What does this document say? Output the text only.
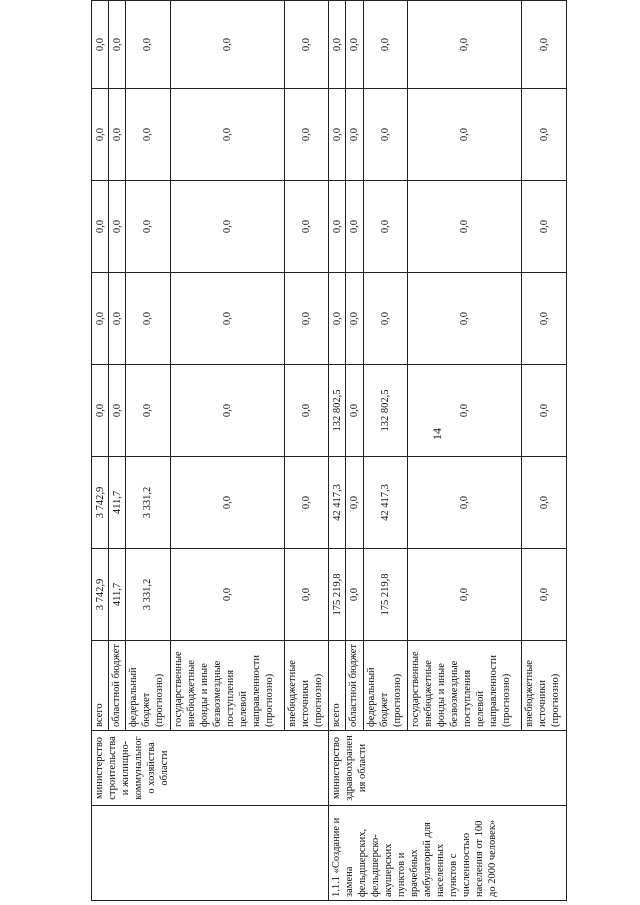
14
	министерство строительства и жилищно-коммунального хозяйства области	всего	3 742,9	3 742,9	0,0	0,0	0,0	0,0	0,0
		областной бюджет	411,7	411,7	0,0	0,0	0,0	0,0	0,0
		федеральный бюджет (прогнозно)	3 331,2	3 331,2	0,0	0,0	0,0	0,0	0,0
		государственные внебюджетные фонды и иные безвозмездные поступления целевой направленности (прогнозно)	0,0	0,0	0,0	0,0	0,0	0,0	0,0
		внебюджетные источники (прогнозно)	0,0	0,0	0,0	0,0	0,0	0,0	0,0
1.1.1 «Создание и замена фельдшерских, фельдшерско-акушерских пунктов и врачебных амбулаторий для населенных пунктов с численностью населения от 100 до 2000 человек»	министерство здравоохранения области	всего	175 219,8	42 417,3	132 802,5	0,0	0,0	0,0	0,0
		областной бюджет	0,0	0,0	0,0	0,0	0,0	0,0	0,0
		федеральный бюджет (прогнозно)	175 219,8	42 417,3	132 802,5	0,0	0,0	0,0	0,0
		государственные внебюджетные фонды и иные безвозмездные поступления целевой направленности (прогнозно)	0,0	0,0	0,0	0,0	0,0	0,0	0,0
		внебюджетные источники (прогнозно)	0,0	0,0	0,0	0,0	0,0	0,0	0,0
